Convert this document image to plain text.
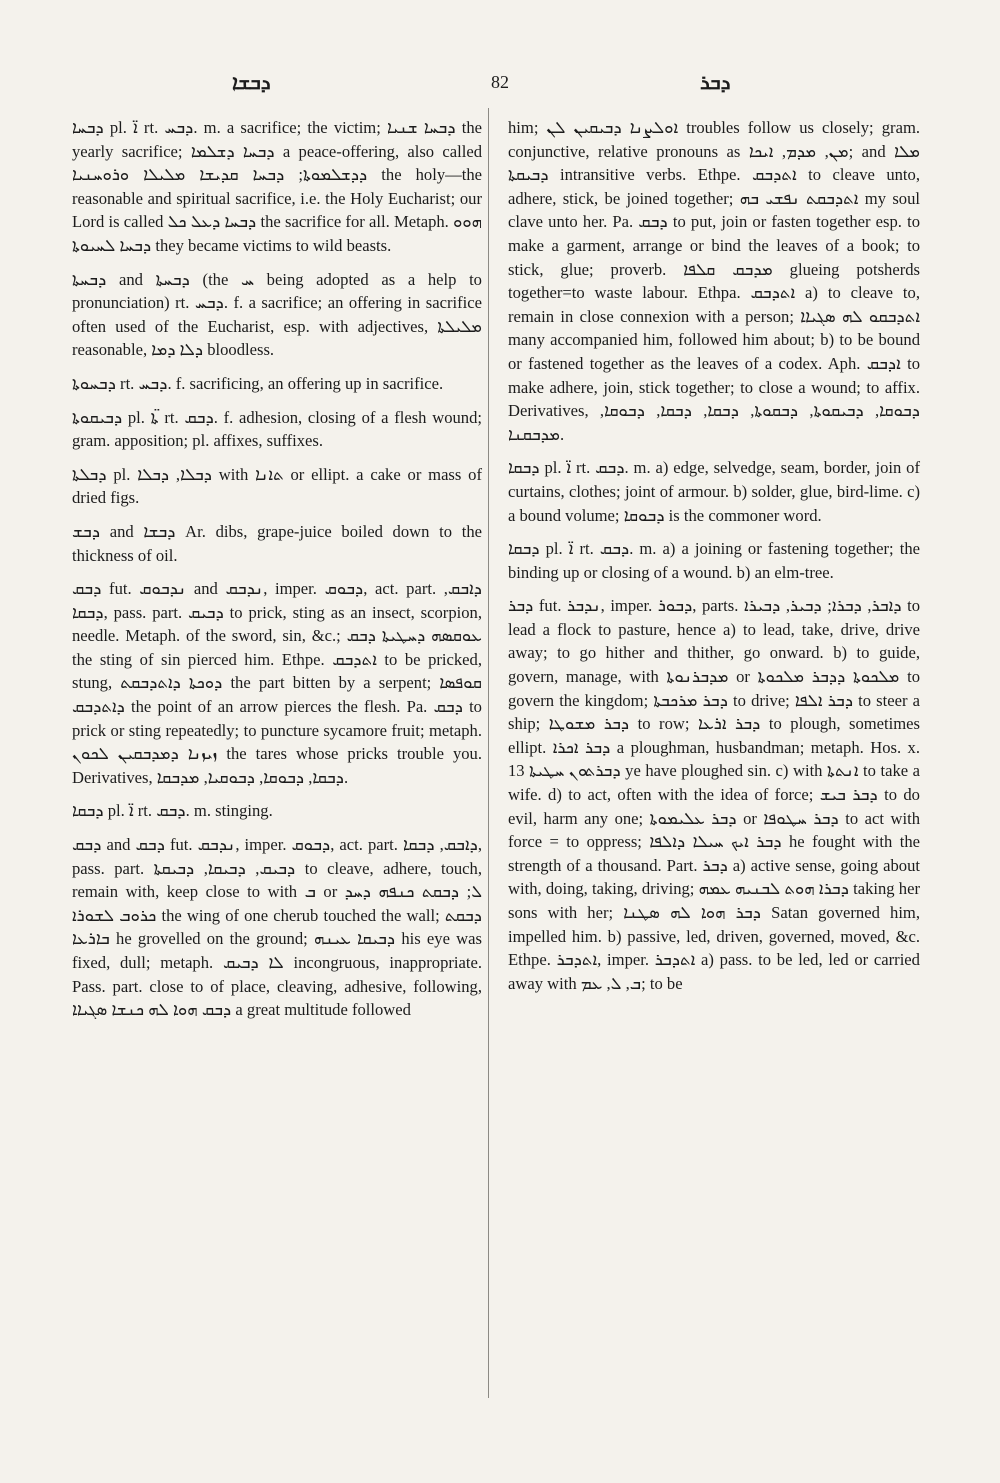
ܕܒܫܐ	82	ܕܒܪ

ܕܒܚܐ pl. ܐ̈ rt. ܕܒܚ. m. a sacrifice; the victim; ܕܒܚܐ ܫܢܝܐ the yearly sacrifice; ܕܒܚܐ ܕܫܠܡܐ a peace-offering, also called ܕܕܫܠܡܘܬܐ; ܕܒܚܐ ܩܕܝܫܐ ܡܠܝܠܐ ܘܪܘܚܢܝܐ the holy—the reasonable and spiritual sacrifice, i.e. the Holy Eucharist; our Lord is called ܕܒܚܐ ܕܥܠ ܟܠ the sacrifice for all. Metaph. ܗܘܘ ܕܒܚܐ ܠܚܝܘܬܐ they became victims to wild beasts.

ܕܒܚܬܐ and ܕܒܚܬܐ (the ܚ being adopted as a help to pronunciation) rt. ܕܒܚ. f. a sacrifice; an offering in sacrifice often used of the Eucharist, esp. with adjectives, ܡܠܝܠܬܐ reasonable, ܕܠܐ ܕܡܐ bloodless.

ܕܒܚܘܬܐ rt. ܕܒܚ. f. sacrificing, an offering up in sacrifice.

ܕܒܝܩܘܬܐ pl. ܬܐ̈ rt. ܕܒܩ. f. adhesion, closing of a flesh wound; gram. apposition; pl. affixes, suffixes.

ܕܒܠܬܐ pl. ܕܒܠܐ, ܕܒܠܐ with ܬܐܢܐ or ellipt. a cake or mass of dried figs.

ܕܒܫ and ܕܒܫܐ Ar. dibs, grape-juice boiled down to the thickness of oil.

ܕܒܩ fut. ܢܕܒܘܩ and ܢܕܒܩ, imper. ܕܒܘܩ, act. part. ܕܐܒܩ, ܕܒܩܐ, pass. part. ܕܒܝܩ to prick, sting as an insect, scorpion, needle. Metaph. of the sword, sin, &c.; ܥܘܩܣܗ ܕܚܛܝܬܐ ܕܒܩ the sting of sin pierced him. Ethpe. ܐܬܕܒܩ to be pricked, stung, ܕܘܟܬܐ ܕܐܬܕܒܩܬ the part bitten by a serpent; ܩܘܦܣܐ ܕܐܬܕܒܩ the point of an arrow pierces the flesh. Pa. ܕܒܩ to prick or sting repeatedly; to puncture sycamore fruit; metaph. ܙܝܙܢܐ ܕܡܕܒܩܝܢ ܠܟܘܢ the tares whose pricks trouble you. Derivatives, ܕܒܩܐ, ܕܒܘܩܐ, ܕܒܘܩܝܐ, ܡܕܒܩܐ.

ܕܒܩܐ pl. ܐ̈ rt. ܕܒܩ. m. stinging.

ܕܒܩ and ܕܒܩ fut. ܢܕܒܩ, imper. ܕܒܘܩ, act. part. ܕܐܒܩ, ܕܒܩܐ, pass. part. ܕܒܝܩ, ܕܒܝܩܐ, ܕܒܝܩܬܐ to cleave, adhere, touch, remain with, keep close to with ܒ or ܠ; ܕܒܩܬ ܟܢܦܗ ܕܚܕ ܟܪܘܒ ܠܫܘܪܐ the wing of one cherub touched the wall; ܕܒܩܬ ܒܐܪܥܐ he grovelled on the ground; ܕܒܝܩܐ ܥܝܢܗ his eye was fixed, dull; metaph. ܠܐ ܕܒܝܩ incongruous, inappropriate. Pass. part. close to of place, cleaving, adhesive, following, ܕܒܩ ܗܘܐ ܠܗ ܟܢܫܐ ܣܓܝܐܐ a great multitude followed

him; ܐܘܠܨܢܐ ܕܒܝܩܝܢ ܠܢ troubles follow us closely; gram. conjunctive, relative pronouns as ܡܢ, ܡܕܡ, ܐܝܟܐ; and ܡܠܐ ܕܒܝܩܬܐ intransitive verbs. Ethpe. ܐܬܕܒܩ to cleave unto, adhere, stick, be joined together; ܐܬܕܒܩܬ ܢܦܫܝ ܒܗ my soul clave unto her. Pa. ܕܒܩ to put, join or fasten together esp. to make a garment, arrange or bind the leaves of a book; to stick, glue; proverb. ܡܕܒܩ ܩܠܦܐ glueing potsherds together=to waste labour. Ethpa. ܐܬܕܒܩ a) to cleave to, remain in close connexion with a person; ܐܬܕܒܩܘ ܠܗ ܣܓܝܐܐ many accompanied him, followed him about; b) to be bound or fastened together as the leaves of a codex. Aph. ܐܕܒܩ to make adhere, join, stick together; to close a wound; to affix. Derivatives, ܕܒܘܩܐ, ܕܒܝܩܘܬܐ, ܕܒܩܘܬܐ, ܕܒܩܐ, ܕܒܩܐ, ܕܒܘܩܐ, ܡܕܒܩܢܐ.

ܕܒܩܐ pl. ܐ̈ rt. ܕܒܩ. m. a) edge, selvedge, seam, border, join of curtains, clothes; joint of armour. b) solder, glue, bird-lime. c) a bound volume; ܕܒܘܩܐ is the commoner word.

ܕܒܩܐ pl. ܐ̈ rt. ܕܒܩ. m. a) a joining or fastening together; the binding up or closing of a wound. b) an elm-tree.

ܕܒܪ fut. ܢܕܒܪ, imper. ܕܒܘܪ, parts. ܕܐܒܪ, ܕܒܪܐ; ܕܒܝܪ, ܕܒܝܪܐ to lead a flock to pasture, hence a) to lead, take, drive, drive away; to go hither and thither, go onward. b) to guide, govern, manage, with ܡܕܒܪܢܘܬܐ or ܡܠܟܘܬܐ ܕܕܒܪ ܡܠܟܘܬܐ to govern the kingdom; ܕܒܪ ܡܪܟܒܬܐ to drive; ܕܒܪ ܐܠܦܐ to steer a ship; ܕܒܪ ܡܫܘܛܐ to row; ܕܒܪ ܐܪܥܐ to plough, sometimes ellipt. ܕܒܪ ܐܟܪܐ a ploughman, husbandman; metaph. Hos. x. 13 ܕܒܪܬܘܢ ܚܛܝܬܐ ye have ploughed sin. c) with ܐܢܬܬܐ to take a wife. d) to act, often with the idea of force; ܕܒܪ ܒܝܫ to do evil, harm any one; ܕܒܪ ܥܠܝܡܘܬܐ or ܕܒܪ ܚܛܘܦܐ to act with force = to oppress; ܕܒܪ ܐܝܟ ܚܝܠܐ ܕܐܠܦܐ he fought with the strength of a thousand. Part. ܕܒܪ a) active sense, going about with, doing, taking, driving; ܕܒܪܐ ܗܘܬ ܠܒܢܝܗ ܥܡܗ taking her sons with her; ܕܒܪ ܗܘܐ ܠܗ ܣܛܢܐ Satan governed him, impelled him. b) passive, led, driven, governed, moved, &c. Ethpe. ܐܬܕܒܪ, imper. ܐܬܕܒܪ a) pass. to be led, led or carried away with ܒ, ܠ, ܥܡ; to be
